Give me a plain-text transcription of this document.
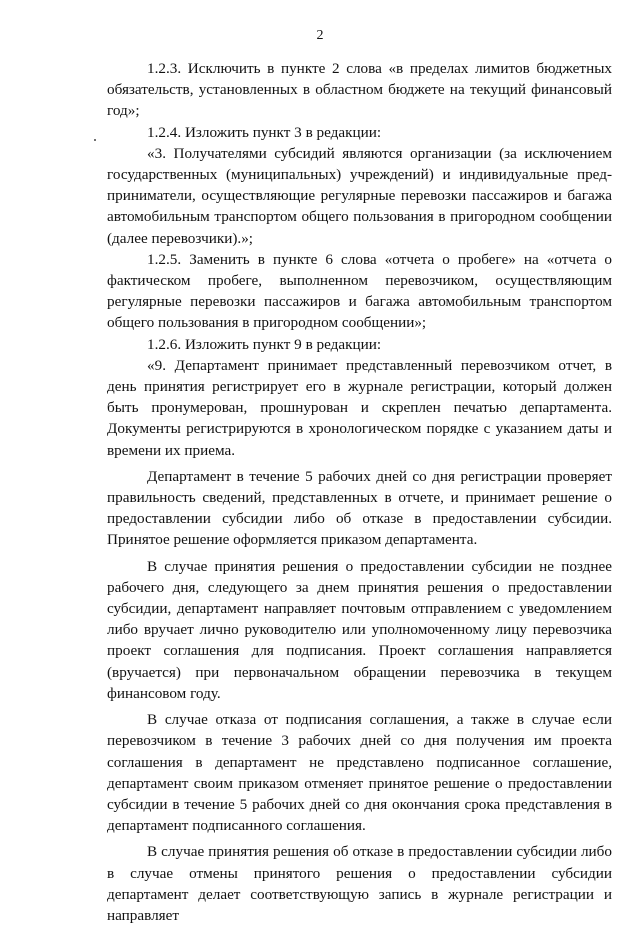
2

1.2.3. Исключить в пункте 2 слова «в пределах лимитов бюджетных обязательств, установленных в областном бюджете на текущий финансовый год»;

1.2.4. Изложить пункт 3 в редакции:

«3. Получателями субсидий являются организации (за исключением государственных (муниципальных) учреждений) и индивидуальные предприниматели, осуществляющие регулярные перевозки пассажиров и багажа автомобильным транспортом общего пользования в пригородном сообщении (далее перевозчики).»;

1.2.5. Заменить в пункте 6 слова «отчета о пробеге» на «отчета о фактическом пробеге, выполненном перевозчиком, осуществляющим регулярные перевозки пассажиров и багажа автомобильным транспортом общего пользования в пригородном сообщении»;

1.2.6. Изложить пункт 9 в редакции:

«9. Департамент принимает представленный перевозчиком отчет, в день принятия регистрирует его в журнале регистрации, который должен быть пронумерован, прошнурован и скреплен печатью департамента. Документы регистрируются в хронологическом порядке с указанием даты и времени их приема.

Департамент в течение 5 рабочих дней со дня регистрации проверяет правильность сведений, представленных в отчете, и принимает решение о предоставлении субсидии либо об отказе в предоставлении субсидии. Принятое решение оформляется приказом департамента.

В случае принятия решения о предоставлении субсидии не позднее рабочего дня, следующего за днем принятия решения о предоставлении субсидии, департамент направляет почтовым отправлением с уведомлением либо вручает лично руководителю или уполномоченному лицу перевозчика проект соглашения для подписания. Проект соглашения направляется (вручается) при первоначальном обращении перевозчика в текущем финансовом году.

В случае отказа от подписания соглашения, а также в случае если перевозчиком в течение 3 рабочих дней со дня получения им проекта соглашения в департамент не представлено подписанное соглашение, департамент своим приказом отменяет принятое решение о предоставлении субсидии в течение 5 рабочих дней со дня окончания срока представления в департамент подписанного соглашения.

В случае принятия решения об отказе в предоставлении субсидии либо в случае отмены принятого решения о предоставлении субсидии департамент делает соответствующую запись в журнале регистрации и направляет
